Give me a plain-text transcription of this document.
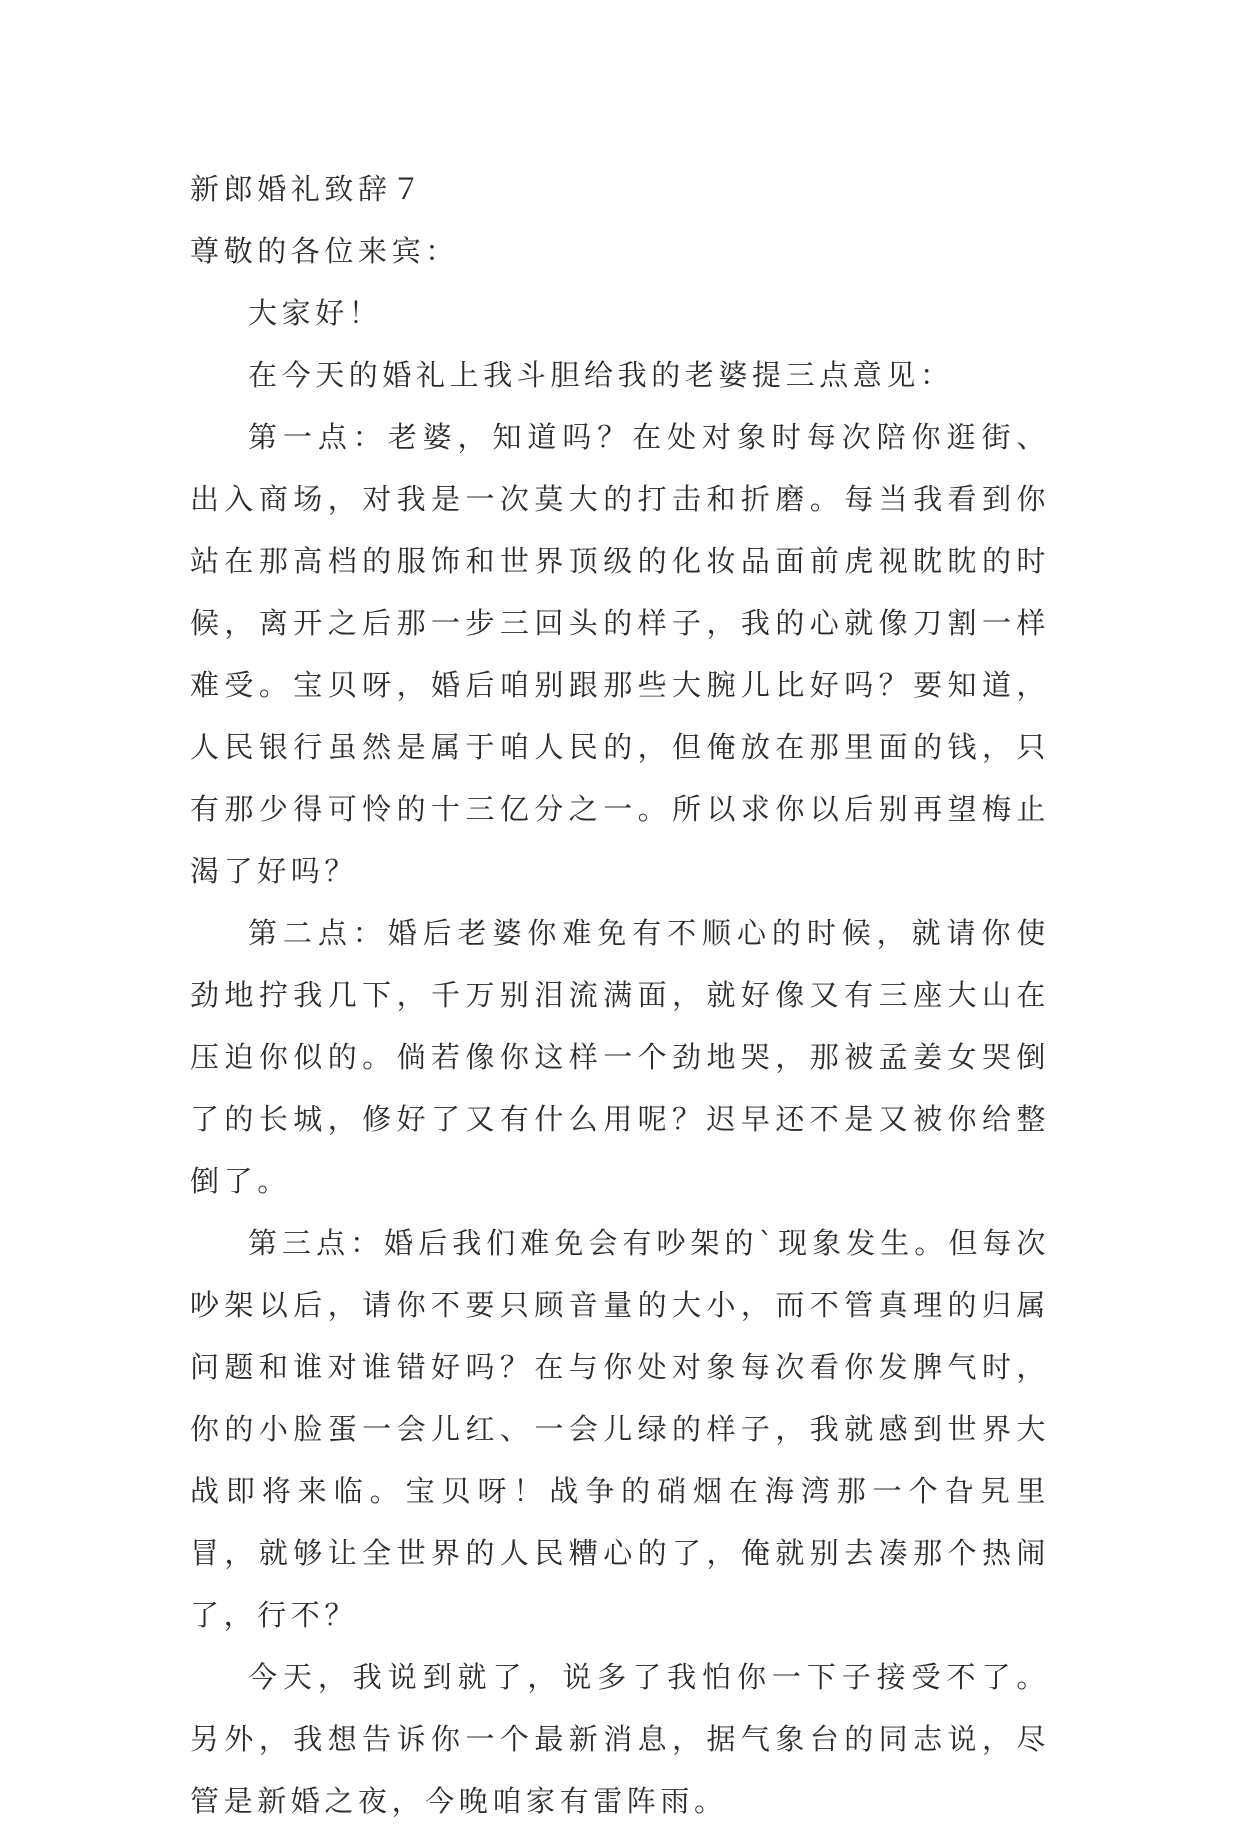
新郎婚礼致辞７

尊敬的各位来宾：

大家好！

在今天的婚礼上我斗胆给我的老婆提三点意见：

第一点：老婆，知道吗？在处对象时每次陪你逛街、出入商场，对我是一次莫大的打击和折磨。每当我看到你站在那高档的服饰和世界顶级的化妆品面前虎视眈眈的时候，离开之后那一步三回头的样子，我的心就像刀割一样难受。宝贝呀，婚后咱别跟那些大腕儿比好吗？要知道，人民银行虽然是属于咱人民的，但俺放在那里面的钱，只有那少得可怜的十三亿分之一。所以求你以后别再望梅止渴了好吗？

第二点：婚后老婆你难免有不顺心的时候，就请你使劲地拧我几下，千万别泪流满面，就好像又有三座大山在压迫你似的。倘若像你这样一个劲地哭，那被孟姜女哭倒了的长城，修好了又有什么用呢？迟早还不是又被你给整倒了。

第三点：婚后我们难免会有吵架的`现象发生。但每次吵架以后，请你不要只顾音量的大小，而不管真理的归属问题和谁对谁错好吗？在与你处对象每次看你发脾气时，你的小脸蛋一会儿红、一会儿绿的样子，我就感到世界大战即将来临。宝贝呀！战争的硝烟在海湾那一个旮旯里冒，就够让全世界的人民糟心的了，俺就别去凑那个热闹了，行不？

今天，我说到就了，说多了我怕你一下子接受不了。另外，我想告诉你一个最新消息，据气象台的同志说，尽管是新婚之夜，今晚咱家有雷阵雨。
